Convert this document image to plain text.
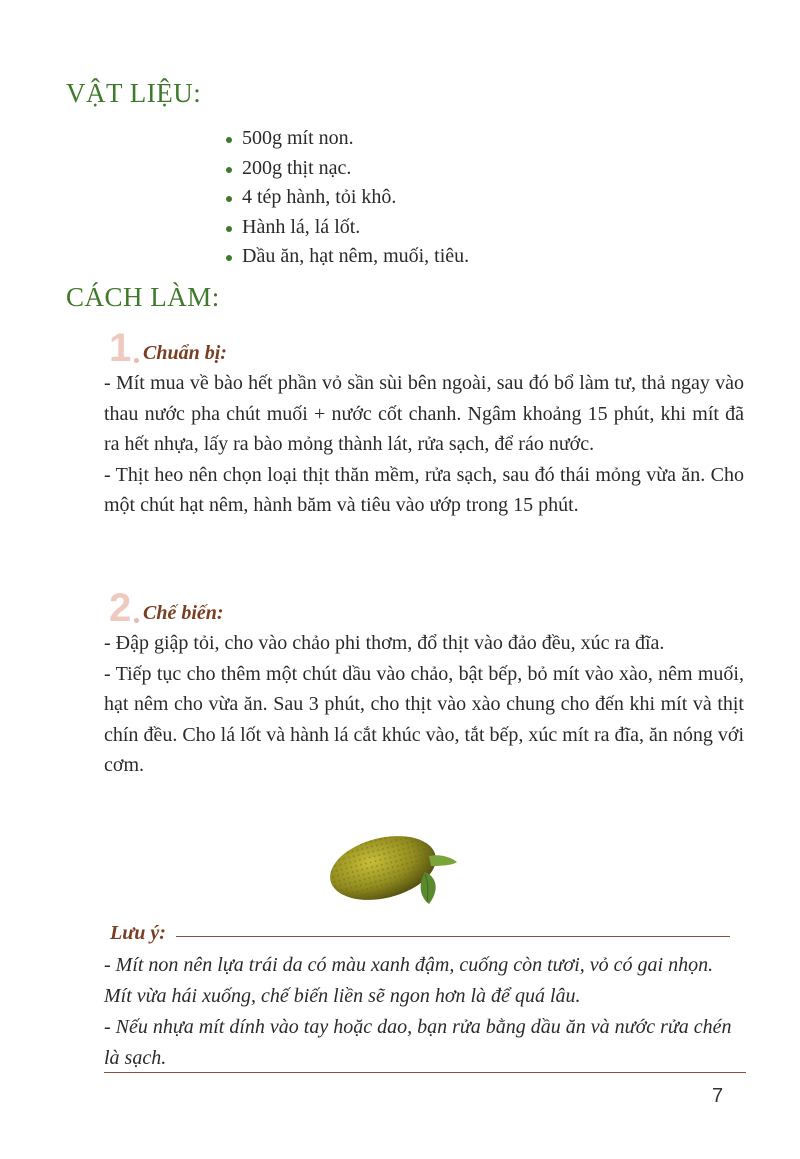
VẬT LIỆU:
500g mít non.
200g thịt nạc.
4 tép hành, tỏi khô.
Hành lá, lá lốt.
Dầu ăn, hạt nêm, muối, tiêu.
CÁCH LÀM:
1 Chuẩn bị:

- Mít mua về bào hết phần vỏ sần sùi bên ngoài, sau đó bổ làm tư, thả ngay vào thau nước pha chút muối + nước cốt chanh. Ngâm khoảng 15 phút, khi mít đã ra hết nhựa, lấy ra bào mỏng thành lát, rửa sạch, để ráo nước.

- Thịt heo nên chọn loại thịt thăn mềm, rửa sạch, sau đó thái mỏng vừa ăn. Cho một chút hạt nêm, hành băm và tiêu vào ướp trong 15 phút.

2 Chế biến:

- Đập giập tỏi, cho vào chảo phi thơm, đổ thịt vào đảo đều, xúc ra đĩa.

- Tiếp tục cho thêm một chút dầu vào chảo, bật bếp, bỏ mít vào xào, nêm muối, hạt nêm cho vừa ăn. Sau 3 phút, cho thịt vào xào chung cho đến khi mít và thịt chín đều. Cho lá lốt và hành lá cắt khúc vào, tắt bếp, xúc mít ra đĩa, ăn nóng với cơm.

Lưu ý:

- Mít non nên lựa trái da có màu xanh đậm, cuống còn tươi, vỏ có gai nhọn. Mít vừa hái xuống, chế biến liền sẽ ngon hơn là để quá lâu.

- Nếu nhựa mít dính vào tay hoặc dao, bạn rửa bằng dầu ăn và nước rửa chén là sạch.

7
